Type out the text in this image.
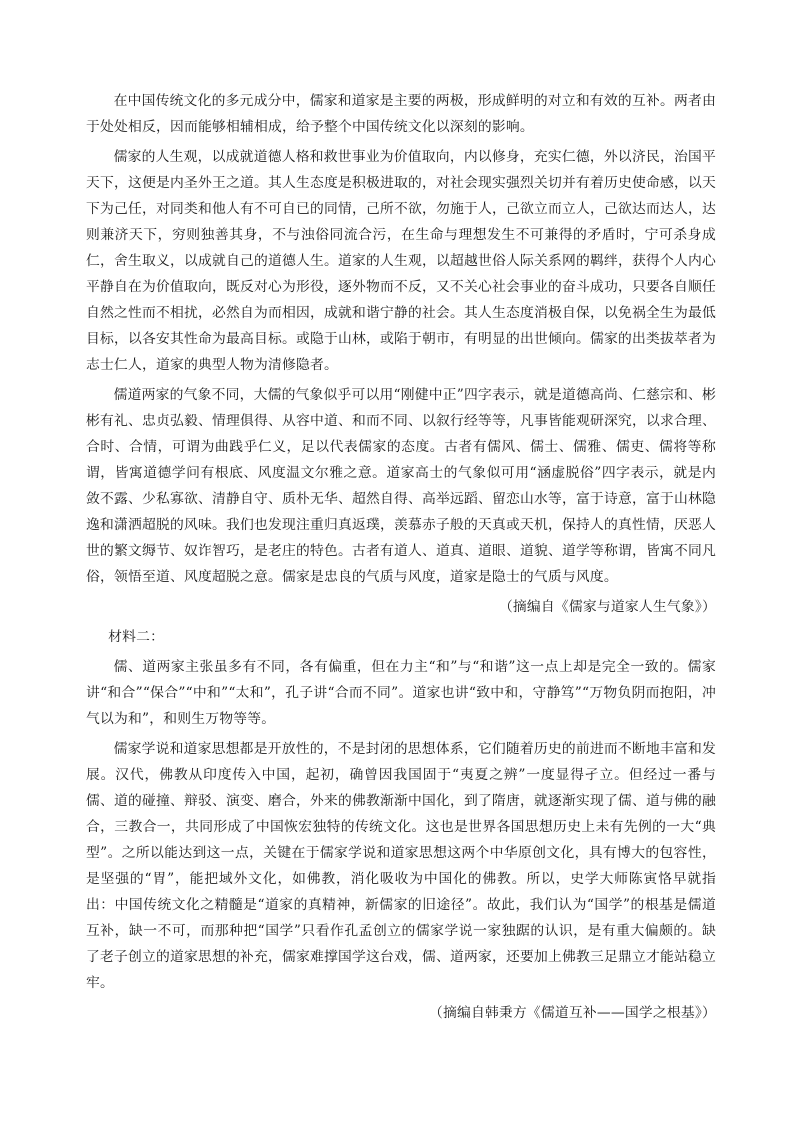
在中国传统文化的多元成分中，儒家和道家是主要的两极，形成鲜明的对立和有效的互补。两者由于处处相反，因而能够相辅相成，给予整个中国传统文化以深刻的影响。

儒家的人生观，以成就道德人格和救世事业为价值取向，内以修身，充实仁德，外以济民，治国平天下，这便是内圣外王之道。其人生态度是积极进取的，对社会现实强烈关切并有着历史使命感，以天下为己任，对同类和他人有不可自已的同情，己所不欲，勿施于人，己欲立而立人，己欲达而达人，达则兼济天下，穷则独善其身，不与浊俗同流合污，在生命与理想发生不可兼得的矛盾时，宁可杀身成仁，舍生取义，以成就自己的道德人生。道家的人生观，以超越世俗人际关系网的羁绊，获得个人内心平静自在为价值取向，既反对心为形役，逐外物而不反，又不关心社会事业的奋斗成功，只要各自顺任自然之性而不相扰，必然自为而相因，成就和谐宁静的社会。其人生态度消极自保，以免祸全生为最低目标，以各安其性命为最高目标。或隐于山林，或陷于朝市，有明显的出世倾向。儒家的出类拔萃者为志士仁人，道家的典型人物为清修隐者。

儒道两家的气象不同，大儒的气象似乎可以用“刚健中正”四字表示，就是道德高尚、仁慈宗和、彬彬有礼、忠贞弘毅、情理俱得、从容中道、和而不同、以叙行经等等，凡事皆能观研深究，以求合理、合时、合情，可谓为曲践乎仁义，足以代表儒家的态度。古者有儒风、儒士、儒雅、儒吏、儒将等称谓，皆寓道德学问有根底、风度温文尔雅之意。道家高士的气象似可用“涵虚脱俗”四字表示，就是内敛不露、少私寡欲、清静自守、质朴无华、超然自得、高举远蹈、留恋山水等，富于诗意，富于山林隐逸和潇洒超脱的风味。我们也发现注重归真返璞，羡慕赤子般的天真或天机，保持人的真性情，厌恶人世的繁文缛节、奴诈智巧，是老庄的特色。古者有道人、道真、道眼、道貌、道学等称谓，皆寓不同凡俗，领悟至道、风度超脱之意。儒家是忠良的气质与风度，道家是隐士的气质与风度。

（摘编自《儒家与道家人生气象》）

材料二：

儒、道两家主张虽多有不同，各有偏重，但在力主“和”与“和谐”这一点上却是完全一致的。儒家讲“和合”“保合”“中和”“太和”，孔子讲“合而不同”。道家也讲“致中和，守静笃”“万物负阴而抱阳，冲气以为和”，和则生万物等等。

儒家学说和道家思想都是开放性的，不是封闭的思想体系，它们随着历史的前进而不断地丰富和发展。汉代，佛教从印度传入中国，起初，确曾因我国固于“夷夏之辨”一度显得孑立。但经过一番与儒、道的碰撞、辩驳、演变、磨合，外来的佛教渐渐中国化，到了隋唐，就逐渐实现了儒、道与佛的融合，三教合一，共同形成了中国恢宏独特的传统文化。这也是世界各国思想历史上未有先例的一大“典型”。之所以能达到这一点，关键在于儒家学说和道家思想这两个中华原创文化，具有博大的包容性，是坚强的“胃”，能把域外文化，如佛教，消化吸收为中国化的佛教。所以，史学大师陈寅恪早就指出：中国传统文化之精髓是“道家的真精神，新儒家的旧途径”。故此，我们认为“国学”的根基是儒道互补，缺一不可，而那种把“国学”只看作孔孟创立的儒家学说一家独踞的认识，是有重大偏颇的。缺了老子创立的道家思想的补充，儒家难撑国学这台戏，儒、道两家，还要加上佛教三足鼎立才能站稳立牢。

（摘编自韩秉方《儒道互补——国学之根基》）
